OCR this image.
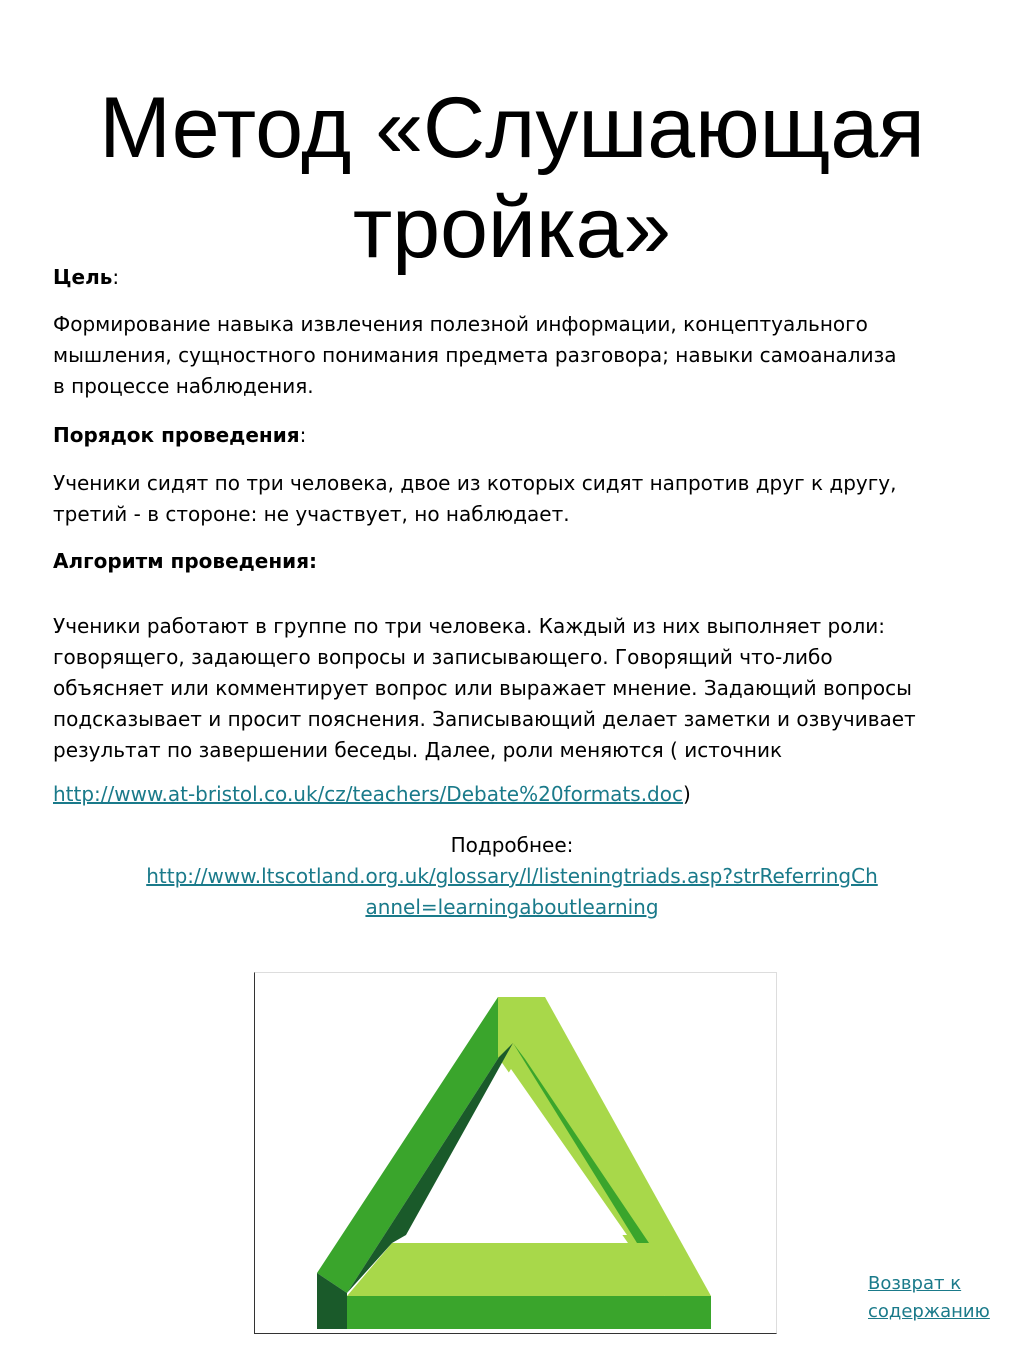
Метод «Слушающая
тройка»

Цель:

Формирование навыка извлечения полезной информации, концептуального
мышления, сущностного понимания предмета разговора; навыки самоанализа
в процессе наблюдения.

Порядок проведения:

Ученики сидят по три человека, двое из которых сидят напротив друг к другу,
третий - в стороне: не участвует, но наблюдает.

Алгоритм проведения:

Ученики работают в группе по три человека. Каждый из них выполняет роли:
говорящего, задающего вопросы и записывающего. Говорящий что-либо
объясняет или комментирует вопрос или выражает мнение. Задающий вопросы
подсказывает и просит пояснения. Записывающий делает заметки и озвучивает
результат по завершении беседы. Далее, роли меняются ( источник

http://www.at-bristol.co.uk/cz/teachers/Debate%20formats.doc)

Подробнее:
http://www.ltscotland.org.uk/glossary/l/listeningtriads.asp?strReferringCh
annel=learningaboutlearning
Возврат к
содержанию
